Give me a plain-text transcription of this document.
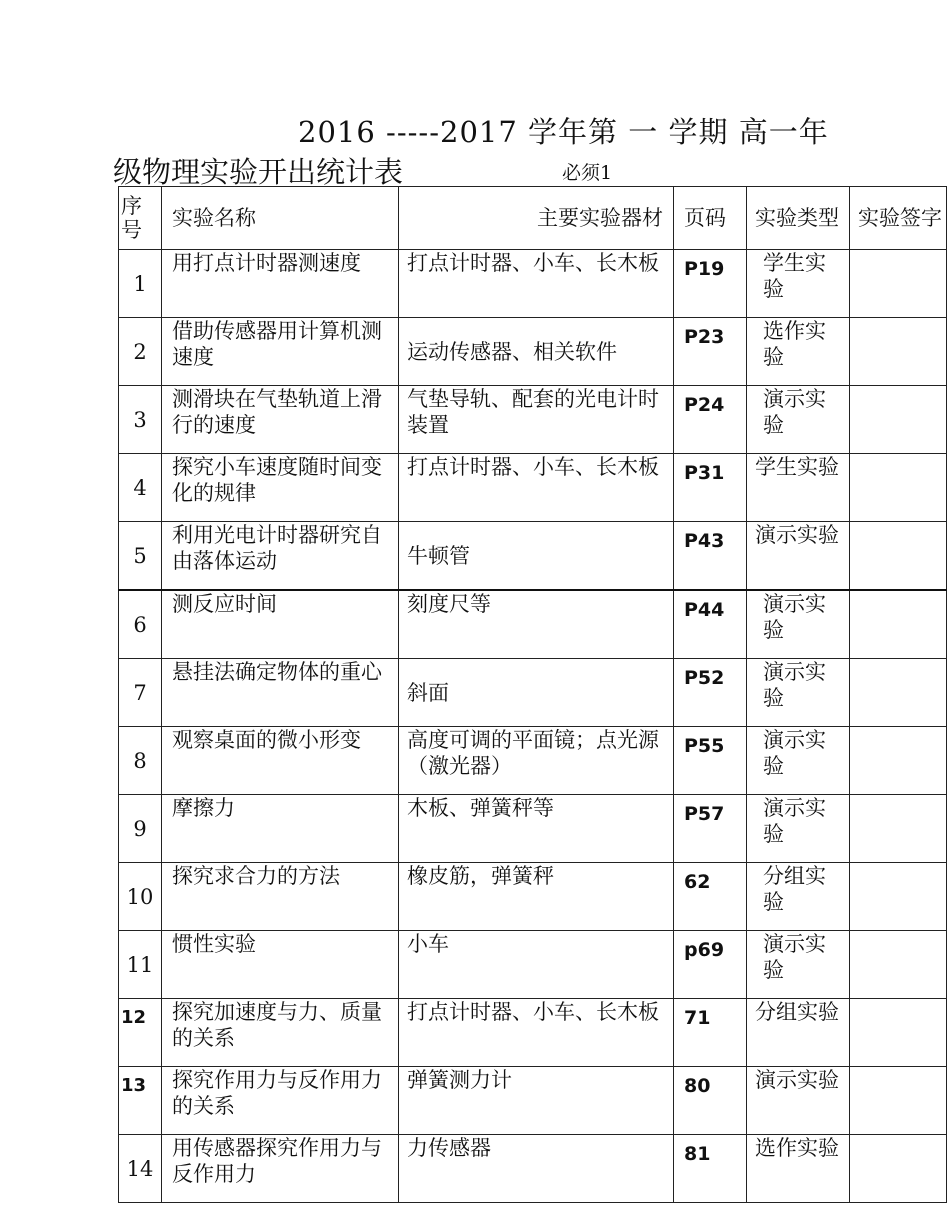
2016 -----2017 学年第 一 学期 高一年
级物理实验开出统计表	必须1
序号	实验名称	主要实验器材	页码	实验类型	实验签字
1	用打点计时器测速度	打点计时器、小车、长木板	P19	学生实验	
2	借助传感器用计算机测速度	运动传感器、相关软件	P23	选作实验	
3	测滑块在气垫轨道上滑行的速度	气垫导轨、配套的光电计时装置	P24	演示实验	
4	探究小车速度随时间变化的规律	打点计时器、小车、长木板	P31	学生实验	
5	利用光电计时器研究自由落体运动	牛顿管	P43	演示实验	
6	测反应时间	刻度尺等	P44	演示实验	
7	悬挂法确定物体的重心	斜面	P52	演示实验	
8	观察桌面的微小形变	高度可调的平面镜；点光源（激光器）	P55	演示实验	
9	摩擦力	木板、弹簧秤等	P57	演示实验	
10	探究求合力的方法	橡皮筋，弹簧秤	62	分组实验	
11	惯性实验	小车	p69	演示实验	
12	探究加速度与力、质量的关系	打点计时器、小车、长木板	71	分组实验	
13	探究作用力与反作用力的关系	弹簧测力计	80	演示实验	
14	用传感器探究作用力与反作用力	力传感器	81	选作实验	
